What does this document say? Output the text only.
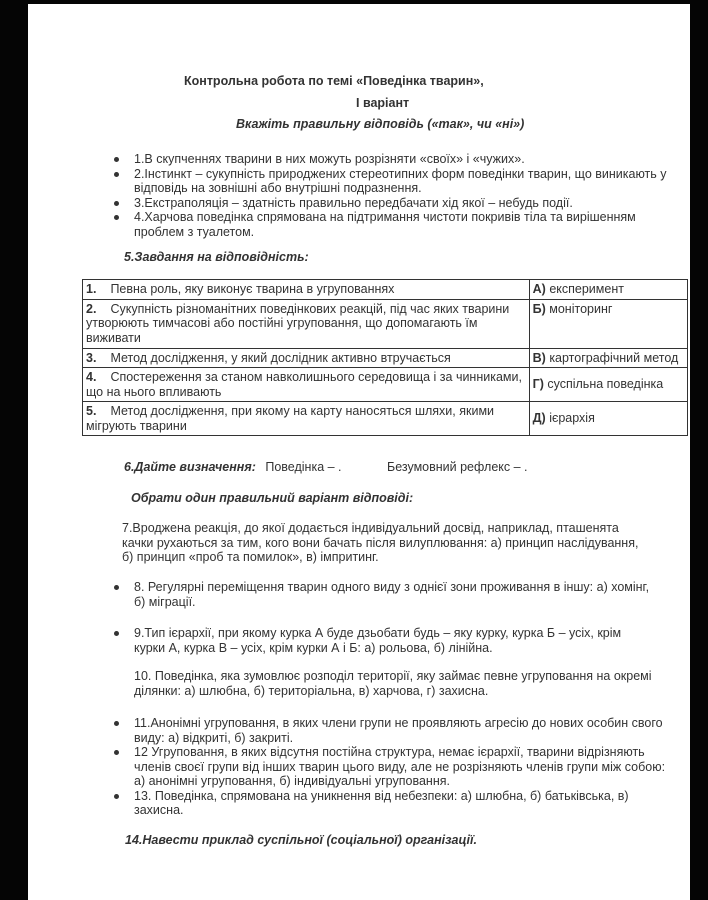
Контрольна робота по темі «Поведінка тварин»,
І варіант
Вкажіть правильну відповідь («так», чи «ні»)
1.В скупченнях тварини в них можуть розрізняти «своїх» і «чужих».
2.Інстинкт – сукупність природжених стереотипних форм поведінки тварин, що виникають у відповідь на зовнішні або внутрішні подразнення.
3.Екстраполяція – здатність правильно передбачати хід якої – небудь події.
4.Харчова поведінка спрямована на підтримання чистоти покривів тіла та вирішенням проблем з туалетом.
5.Завдання на відповідність:
1. Певна роль, яку виконує тварина в угрупованнях	А) експеримент
2. Сукупність різноманітних поведінкових реакцій, під час яких тварини утворюють тимчасові або постійні угруповання, що допомагають їм виживати	Б) моніторинг
3. Метод дослідження, у який дослідник активно втручається	В) картографічний метод
4. Спостереження за станом навколишнього середовища і за чинниками, що на нього впливають	Г) суспільна поведінка
5. Метод дослідження, при якому на карту наносяться шляхи, якими мігрують тварини	Д) ієрархія
6.Дайте визначення: Поведінка – .	Безумовний рефлекс – .
Обрати один правильний варіант відповіді:
7.Вроджена реакція, до якої додається індивідуальний досвід, наприклад, пташенята качки рухаються за тим, кого вони бачать після вилуплювання: а) принцип наслідування, б) принцип «проб та помилок», в) імпритинг.
8. Регулярні переміщення тварин одного виду з однієї зони проживання в іншу: а) хомінг, б) міграції.
9.Тип ієрархії, при якому курка А буде дзьобати будь – яку курку, курка Б – усіх, крім курки А, курка В – усіх, крім курки А і Б: а) рольова, б) лінійна.
10. Поведінка, яка зумовлює розподіл території, яку займає певне угруповання на окремі ділянки: а) шлюбна, б) територіальна, в) харчова, г) захисна.
11.Анонімні угруповання, в яких члени групи не проявляють агресію до нових особин свого виду: а) відкриті, б) закриті.
12 Угруповання, в яких відсутня постійна структура, немає ієрархії, тварини відрізняють членів своєї групи від інших тварин цього виду, але не розрізняють членів групи між собою: а) анонімні угруповання, б) індивідуальні угруповання.
13. Поведінка, спрямована на уникнення від небезпеки: а) шлюбна, б) батьківська, в) захисна.
14.Навести приклад суспільної (соціальної) організації.
